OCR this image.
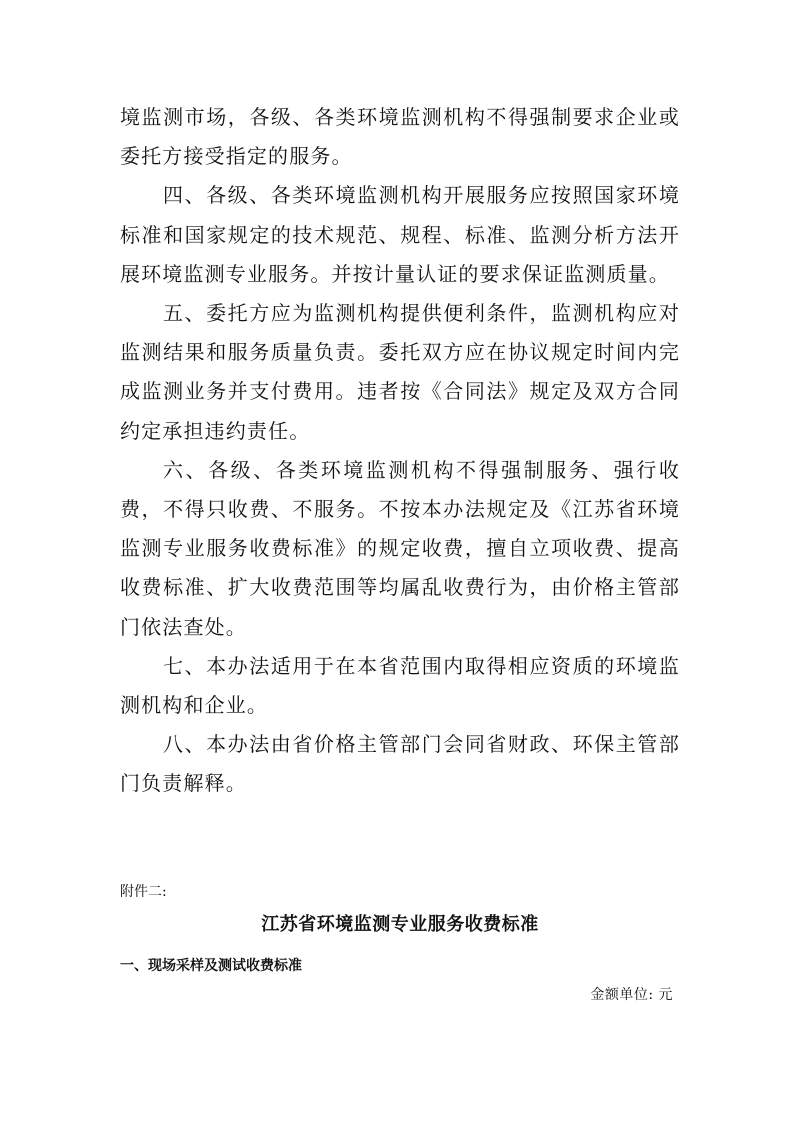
境监测市场，各级、各类环境监测机构不得强制要求企业或委托方接受指定的服务。

四、各级、各类环境监测机构开展服务应按照国家环境标准和国家规定的技术规范、规程、标准、监测分析方法开展环境监测专业服务。并按计量认证的要求保证监测质量。

五、委托方应为监测机构提供便利条件，监测机构应对监测结果和服务质量负责。委托双方应在协议规定时间内完成监测业务并支付费用。违者按《合同法》规定及双方合同约定承担违约责任。

六、各级、各类环境监测机构不得强制服务、强行收费，不得只收费、不服务。不按本办法规定及《江苏省环境监测专业服务收费标准》的规定收费，擅自立项收费、提高收费标准、扩大收费范围等均属乱收费行为，由价格主管部门依法查处。

七、本办法适用于在本省范围内取得相应资质的环境监测机构和企业。

八、本办法由省价格主管部门会同省财政、环保主管部门负责解释。

附件二:

江苏省环境监测专业服务收费标准
一、现场采样及测试收费标准

金额单位: 元
